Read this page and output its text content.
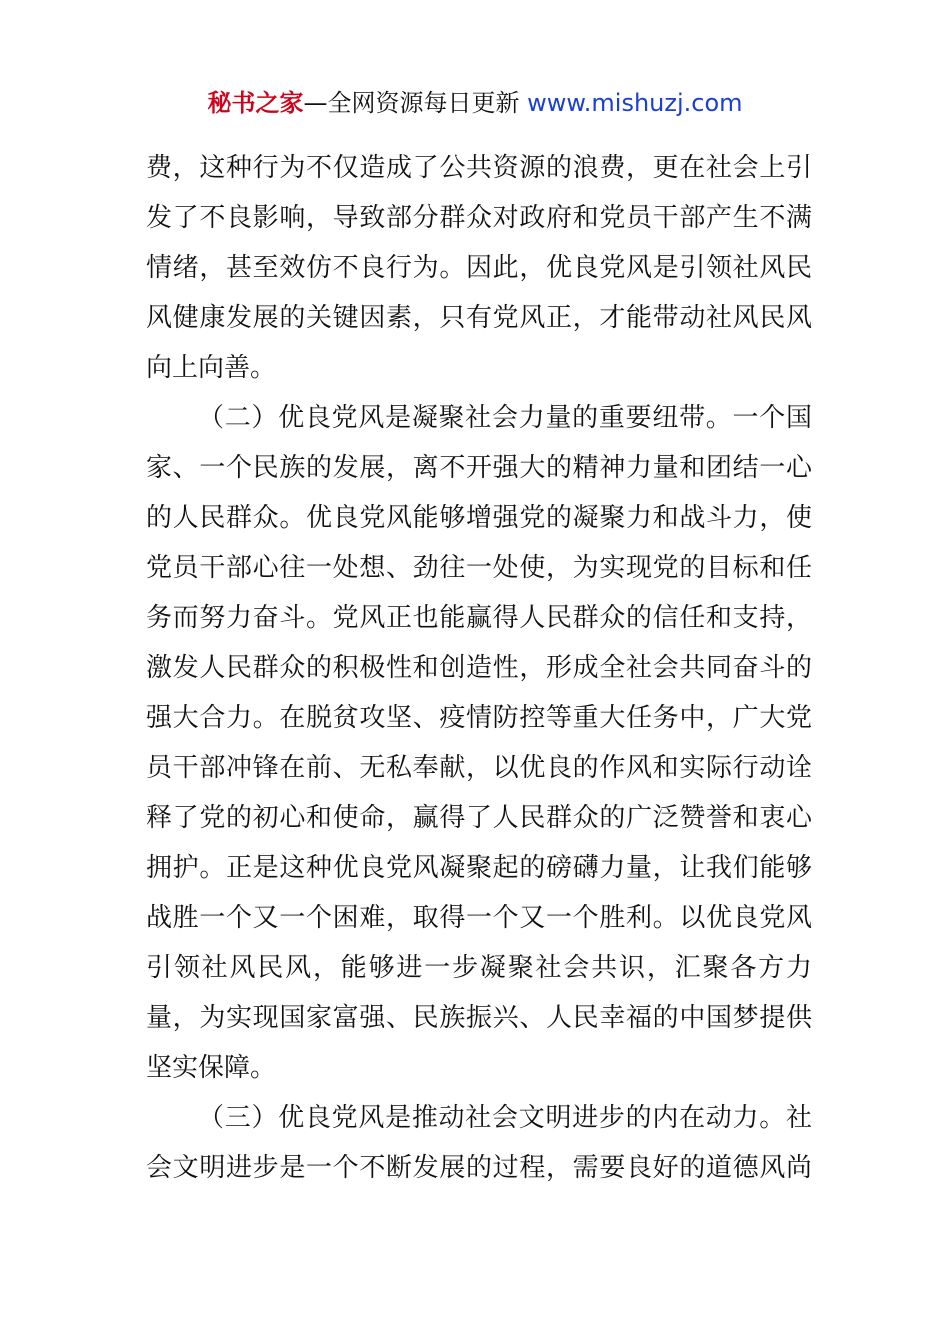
秘书之家—全网资源每日更新 www.mishuzj.com
费，这种行为不仅造成了公共资源的浪费，更在社会上引
发了不良影响，导致部分群众对政府和党员干部产生不满
情绪，甚至效仿不良行为。因此，优良党风是引领社风民
风健康发展的关键因素，只有党风正，才能带动社风民风
向上向善。
（二）优良党风是凝聚社会力量的重要纽带。一个国
家、一个民族的发展，离不开强大的精神力量和团结一心
的人民群众。优良党风能够增强党的凝聚力和战斗力，使
党员干部心往一处想、劲往一处使，为实现党的目标和任
务而努力奋斗。党风正也能赢得人民群众的信任和支持，
激发人民群众的积极性和创造性，形成全社会共同奋斗的
强大合力。在脱贫攻坚、疫情防控等重大任务中，广大党
员干部冲锋在前、无私奉献，以优良的作风和实际行动诠
释了党的初心和使命，赢得了人民群众的广泛赞誉和衷心
拥护。正是这种优良党风凝聚起的磅礴力量，让我们能够
战胜一个又一个困难，取得一个又一个胜利。以优良党风
引领社风民风，能够进一步凝聚社会共识，汇聚各方力
量，为实现国家富强、民族振兴、人民幸福的中国梦提供
坚实保障。
（三）优良党风是推动社会文明进步的内在动力。社
会文明进步是一个不断发展的过程，需要良好的道德风尚
